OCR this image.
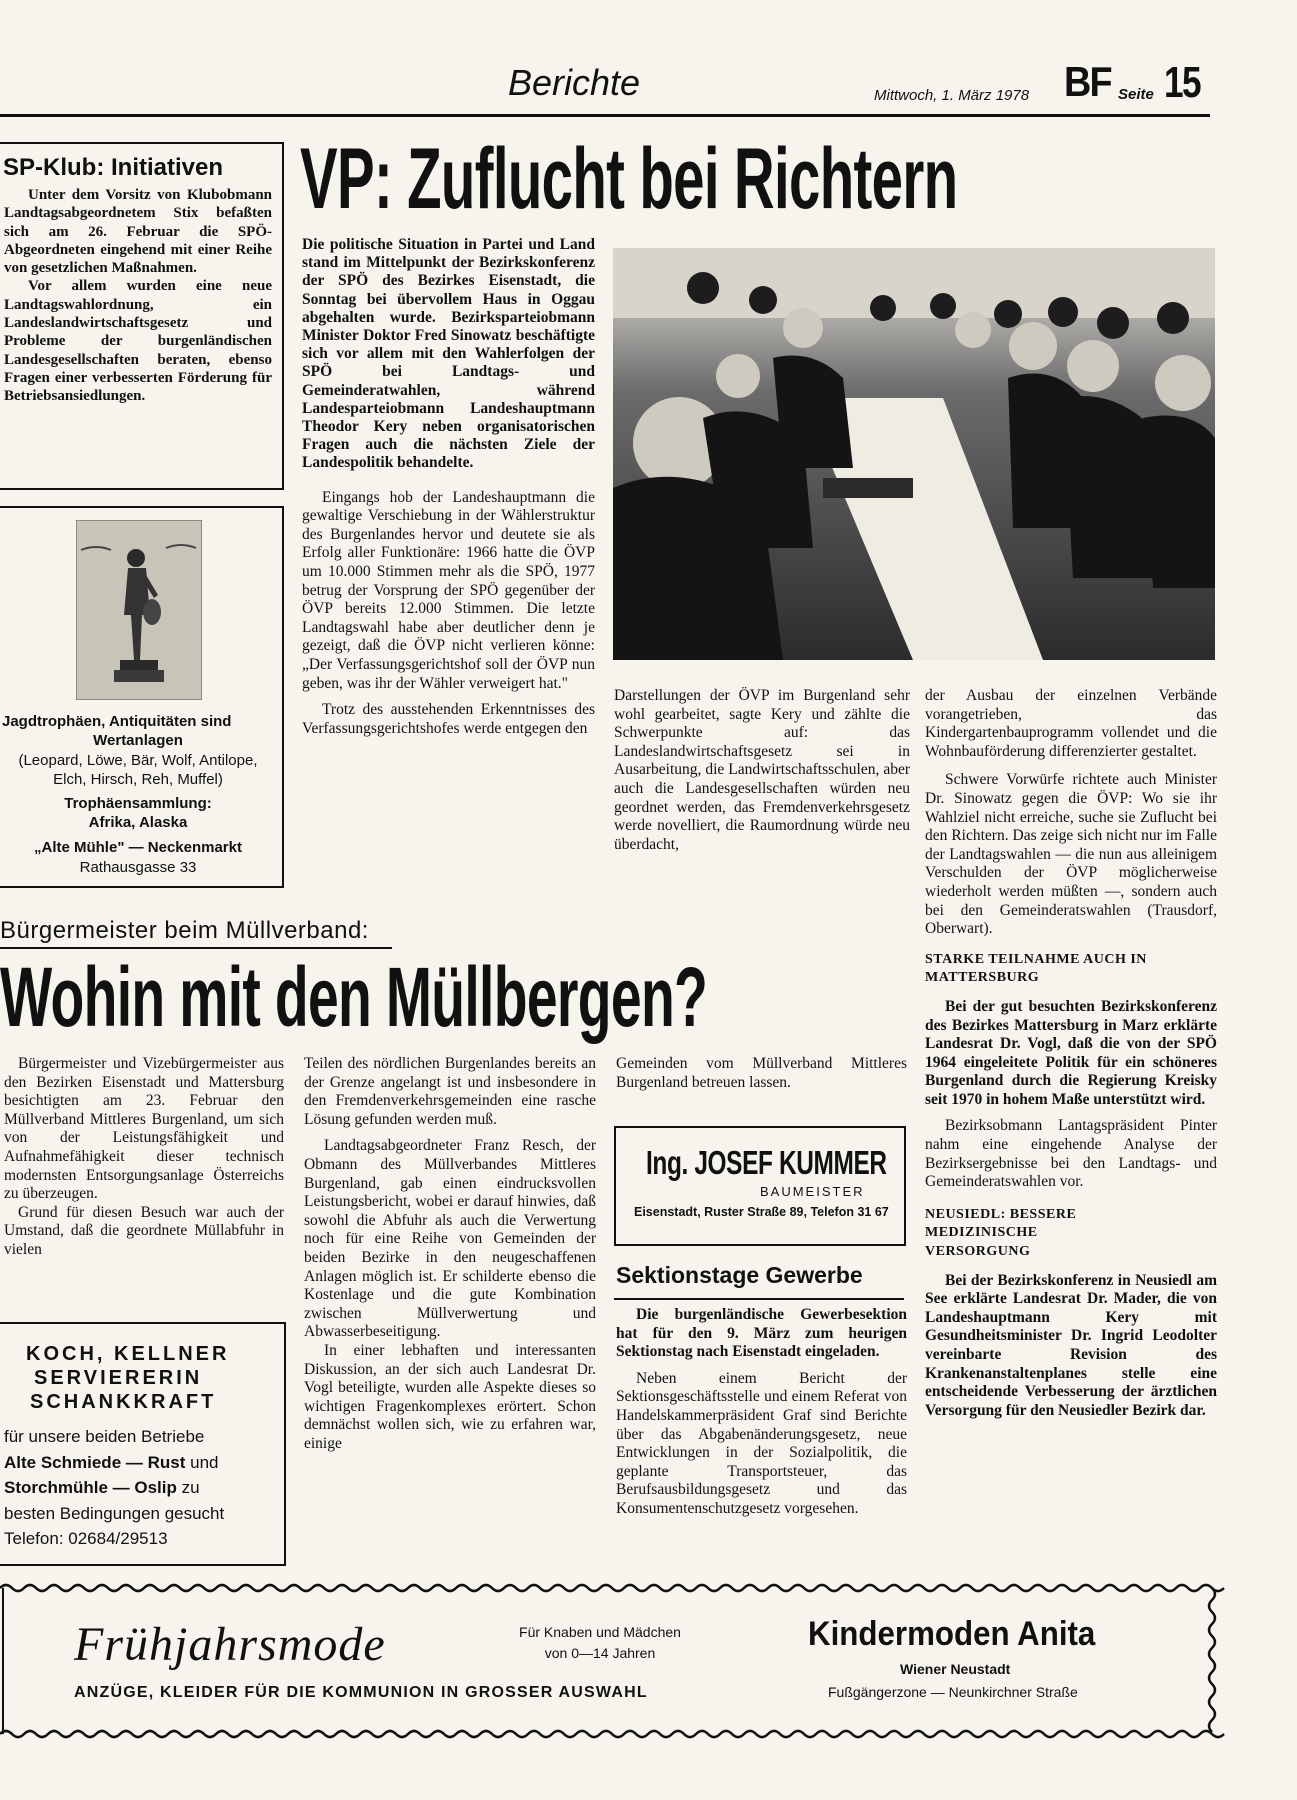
Berichte	Mittwoch, 1. März 1978 BF Seite 15
SP-Klub: Initiativen
Unter dem Vorsitz von Klubobmann Landtagsabgeordnetem Stix befaßten sich am 26. Februar die SPÖ-Abgeordneten eingehend mit einer Reihe von gesetzlichen Maßnahmen.
Vor allem wurden eine neue Landtagswahlordnung, ein Landeslandwirtschaftsgesetz und Probleme der burgenländischen Landesgesellschaften beraten, ebenso Fragen einer verbesserten Förderung für Betriebsansiedlungen.
Jagdtrophäen, Antiquitäten sind
Wertanlagen
(Leopard, Löwe, Bär, Wolf, Antilope,
Elch, Hirsch, Reh, Muffel)
Trophäensammlung:
Afrika, Alaska
„Alte Mühle" — Neckenmarkt
Rathausgasse 33
VP: Zuflucht bei Richtern
Die politische Situation in Partei und Land stand im Mittelpunkt der Bezirkskonferenz der SPÖ des Bezirkes Eisenstadt, die Sonntag bei übervollem Haus in Oggau abgehalten wurde. Bezirksparteiobmann Minister Doktor Fred Sinowatz beschäftigte sich vor allem mit den Wahlerfolgen der SPÖ bei Landtags- und Gemeinderatwahlen, während Landesparteiobmann Landeshauptmann Theodor Kery neben organisatorischen Fragen auch die nächsten Ziele der Landespolitik behandelte.
Eingangs hob der Landeshauptmann die gewaltige Verschiebung in der Wählerstruktur des Burgenlandes hervor und deutete sie als Erfolg aller Funktionäre: 1966 hatte die ÖVP um 10.000 Stimmen mehr als die SPÖ, 1977 betrug der Vorsprung der SPÖ gegenüber der ÖVP bereits 12.000 Stimmen. Die letzte Landtagswahl habe aber deutlicher denn je gezeigt, daß die ÖVP nicht verlieren könne: „Der Verfassungsgerichtshof soll der ÖVP nun geben, was ihr der Wähler verweigert hat."
Trotz des ausstehenden Erkenntnisses des Verfassungsgerichtshofes werde entgegen den
Darstellungen der ÖVP im Burgenland sehr wohl gearbeitet, sagte Kery und zählte die Schwerpunkte auf: das Landeslandwirtschaftsgesetz sei in Ausarbeitung, die Landwirtschaftsschulen, aber auch die Landesgesellschaften würden neu geordnet werden, das Fremdenverkehrsgesetz werde novelliert, die Raumordnung würde neu überdacht,
der Ausbau der einzelnen Verbände vorangetrieben, das Kindergartenbauprogramm vollendet und die Wohnbauförderung differenzierter gestaltet.
Schwere Vorwürfe richtete auch Minister Dr. Sinowatz gegen die ÖVP: Wo sie ihr Wahlziel nicht erreiche, suche sie Zuflucht bei den Richtern. Das zeige sich nicht nur im Falle der Landtagswahlen — die nun aus alleinigem Verschulden der ÖVP möglicherweise wiederholt werden müßten —, sondern auch bei den Gemeinderatswahlen (Trausdorf, Oberwart).
STARKE TEILNAHME AUCH IN MATTERSBURG
Bei der gut besuchten Bezirkskonferenz des Bezirkes Mattersburg in Marz erklärte Landesrat Dr. Vogl, daß die von der SPÖ 1964 eingeleitete Politik für ein schöneres Burgenland durch die Regierung Kreisky seit 1970 in hohem Maße unterstützt wird.
Bezirksobmann Lantagspräsident Pinter nahm eine eingehende Analyse der Bezirksergebnisse bei den Landtags- und Gemeinderatswahlen vor.
NEUSIEDL: BESSERE MEDIZINISCHE VERSORGUNG
Bei der Bezirkskonferenz in Neusiedl am See erklärte Landesrat Dr. Mader, die von Landeshauptmann Kery mit Gesundheitsminister Dr. Ingrid Leodolter vereinbarte Revision des Krankenanstaltenplanes stelle eine entscheidende Verbesserung der ärztlichen Versorgung für den Neusiedler Bezirk dar.
Bürgermeister beim Müllverband:
Wohin mit den Müllbergen?
Bürgermeister und Vizebürgermeister aus den Bezirken Eisenstadt und Mattersburg besichtigten am 23. Februar den Müllverband Mittleres Burgenland, um sich von der Leistungsfähigkeit und Aufnahmefähigkeit dieser technisch modernsten Entsorgungsanlage Österreichs zu überzeugen.
Grund für diesen Besuch war auch der Umstand, daß die geordnete Müllabfuhr in vielen
Teilen des nördlichen Burgenlandes bereits an der Grenze angelangt ist und insbesondere in den Fremdenverkehrsgemeinden eine rasche Lösung gefunden werden muß.
Landtagsabgeordneter Franz Resch, der Obmann des Müllverbandes Mittleres Burgenland, gab einen eindrucksvollen Leistungsbericht, wobei er darauf hinwies, daß sowohl die Abfuhr als auch die Verwertung noch für eine Reihe von Gemeinden der beiden Bezirke in den neugeschaffenen Anlagen möglich ist. Er schilderte ebenso die Kostenlage und die gute Kombination zwischen Müllverwertung und Abwasserbeseitigung.
In einer lebhaften und interessanten Diskussion, an der sich auch Landesrat Dr. Vogl beteiligte, wurden alle Aspekte dieses so wichtigen Fragenkomplexes erörtert. Schon demnächst wollen sich, wie zu erfahren war, einige
Gemeinden vom Müllverband Mittleres Burgenland betreuen lassen.
Ing. JOSEF KUMMER
BAUMEISTER
Eisenstadt, Ruster Straße 89, Telefon 31 67
Sektionstage Gewerbe
Die burgenländische Gewerbesektion hat für den 9. März zum heurigen Sektionstag nach Eisenstadt eingeladen.
Neben einem Bericht der Sektionsgeschäftsstelle und einem Referat von Handelskammerpräsident Graf sind Berichte über das Abgabenänderungsgesetz, neue Entwicklungen in der Sozialpolitik, die geplante Transportsteuer, das Berufsausbildungsgesetz und das Konsumentenschutzgesetz vorgesehen.
KOCH, KELLNER
SERVIERERIN
SCHANKKRAFT
für unsere beiden Betriebe
Alte Schmiede — Rust und
Storchmühle — Oslip zu
besten Bedingungen gesucht
Telefon: 02684/29513
Frühjahrsmode	Für Knaben und Mädchen
von 0—14 Jahren
ANZÜGE, KLEIDER FÜR DIE KOMMUNION IN GROSSER AUSWAHL
Kindermoden Anita
Wiener Neustadt
Fußgängerzone — Neunkirchner Straße
